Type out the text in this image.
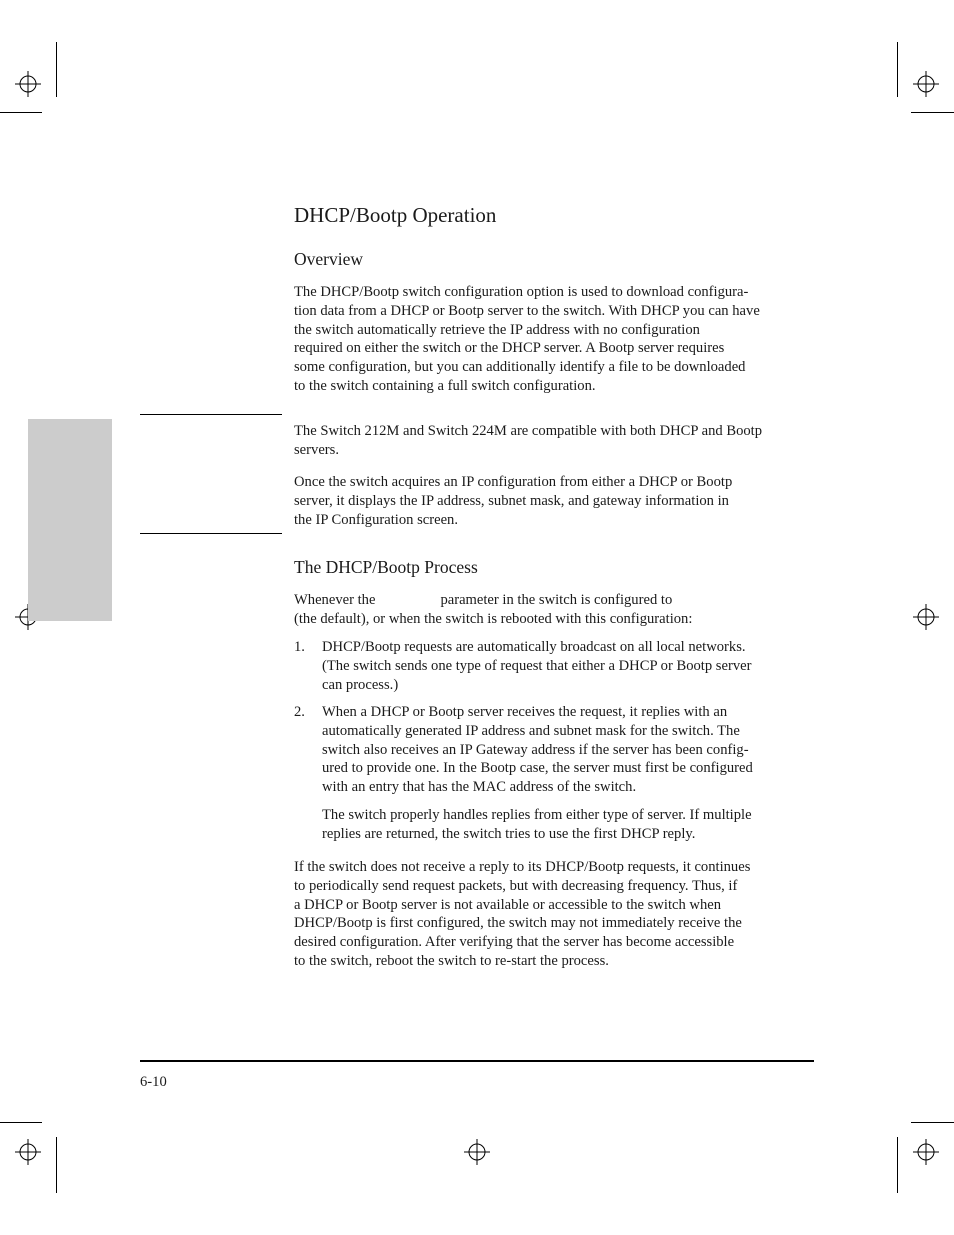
DHCP/Bootp Operation
Overview
The DHCP/Bootp switch configuration option is used to download configura-
tion data from a DHCP or Bootp server to the switch. With DHCP you can have
the switch automatically retrieve the IP address with no configuration
required on either the switch or the DHCP server. A Bootp server requires
some configuration, but you can additionally identify a file to be downloaded
to the switch containing a full switch configuration.
The Switch 212M and Switch 224M are compatible with both DHCP and Bootp
servers.
Once the switch acquires an IP configuration from either a DHCP or Bootp
server, it displays the IP address, subnet mask, and gateway information in
the IP Configuration screen.
The DHCP/Bootp Process
Whenever the	parameter in the switch is configured to
(the default), or when the switch is rebooted with this configuration:
1. DHCP/Bootp requests are automatically broadcast on all local networks.
(The switch sends one type of request that either a DHCP or Bootp server
can process.)
2. When a DHCP or Bootp server receives the request, it replies with an
automatically generated IP address and subnet mask for the switch. The
switch also receives an IP Gateway address if the server has been config-
ured to provide one. In the Bootp case, the server must first be configured
with an entry that has the MAC address of the switch.
The switch properly handles replies from either type of server. If multiple
replies are returned, the switch tries to use the first DHCP reply.
If the switch does not receive a reply to its DHCP/Bootp requests, it continues
to periodically send request packets, but with decreasing frequency. Thus, if
a DHCP or Bootp server is not available or accessible to the switch when
DHCP/Bootp is first configured, the switch may not immediately receive the
desired configuration. After verifying that the server has become accessible
to the switch, reboot the switch to re-start the process.
6-10
